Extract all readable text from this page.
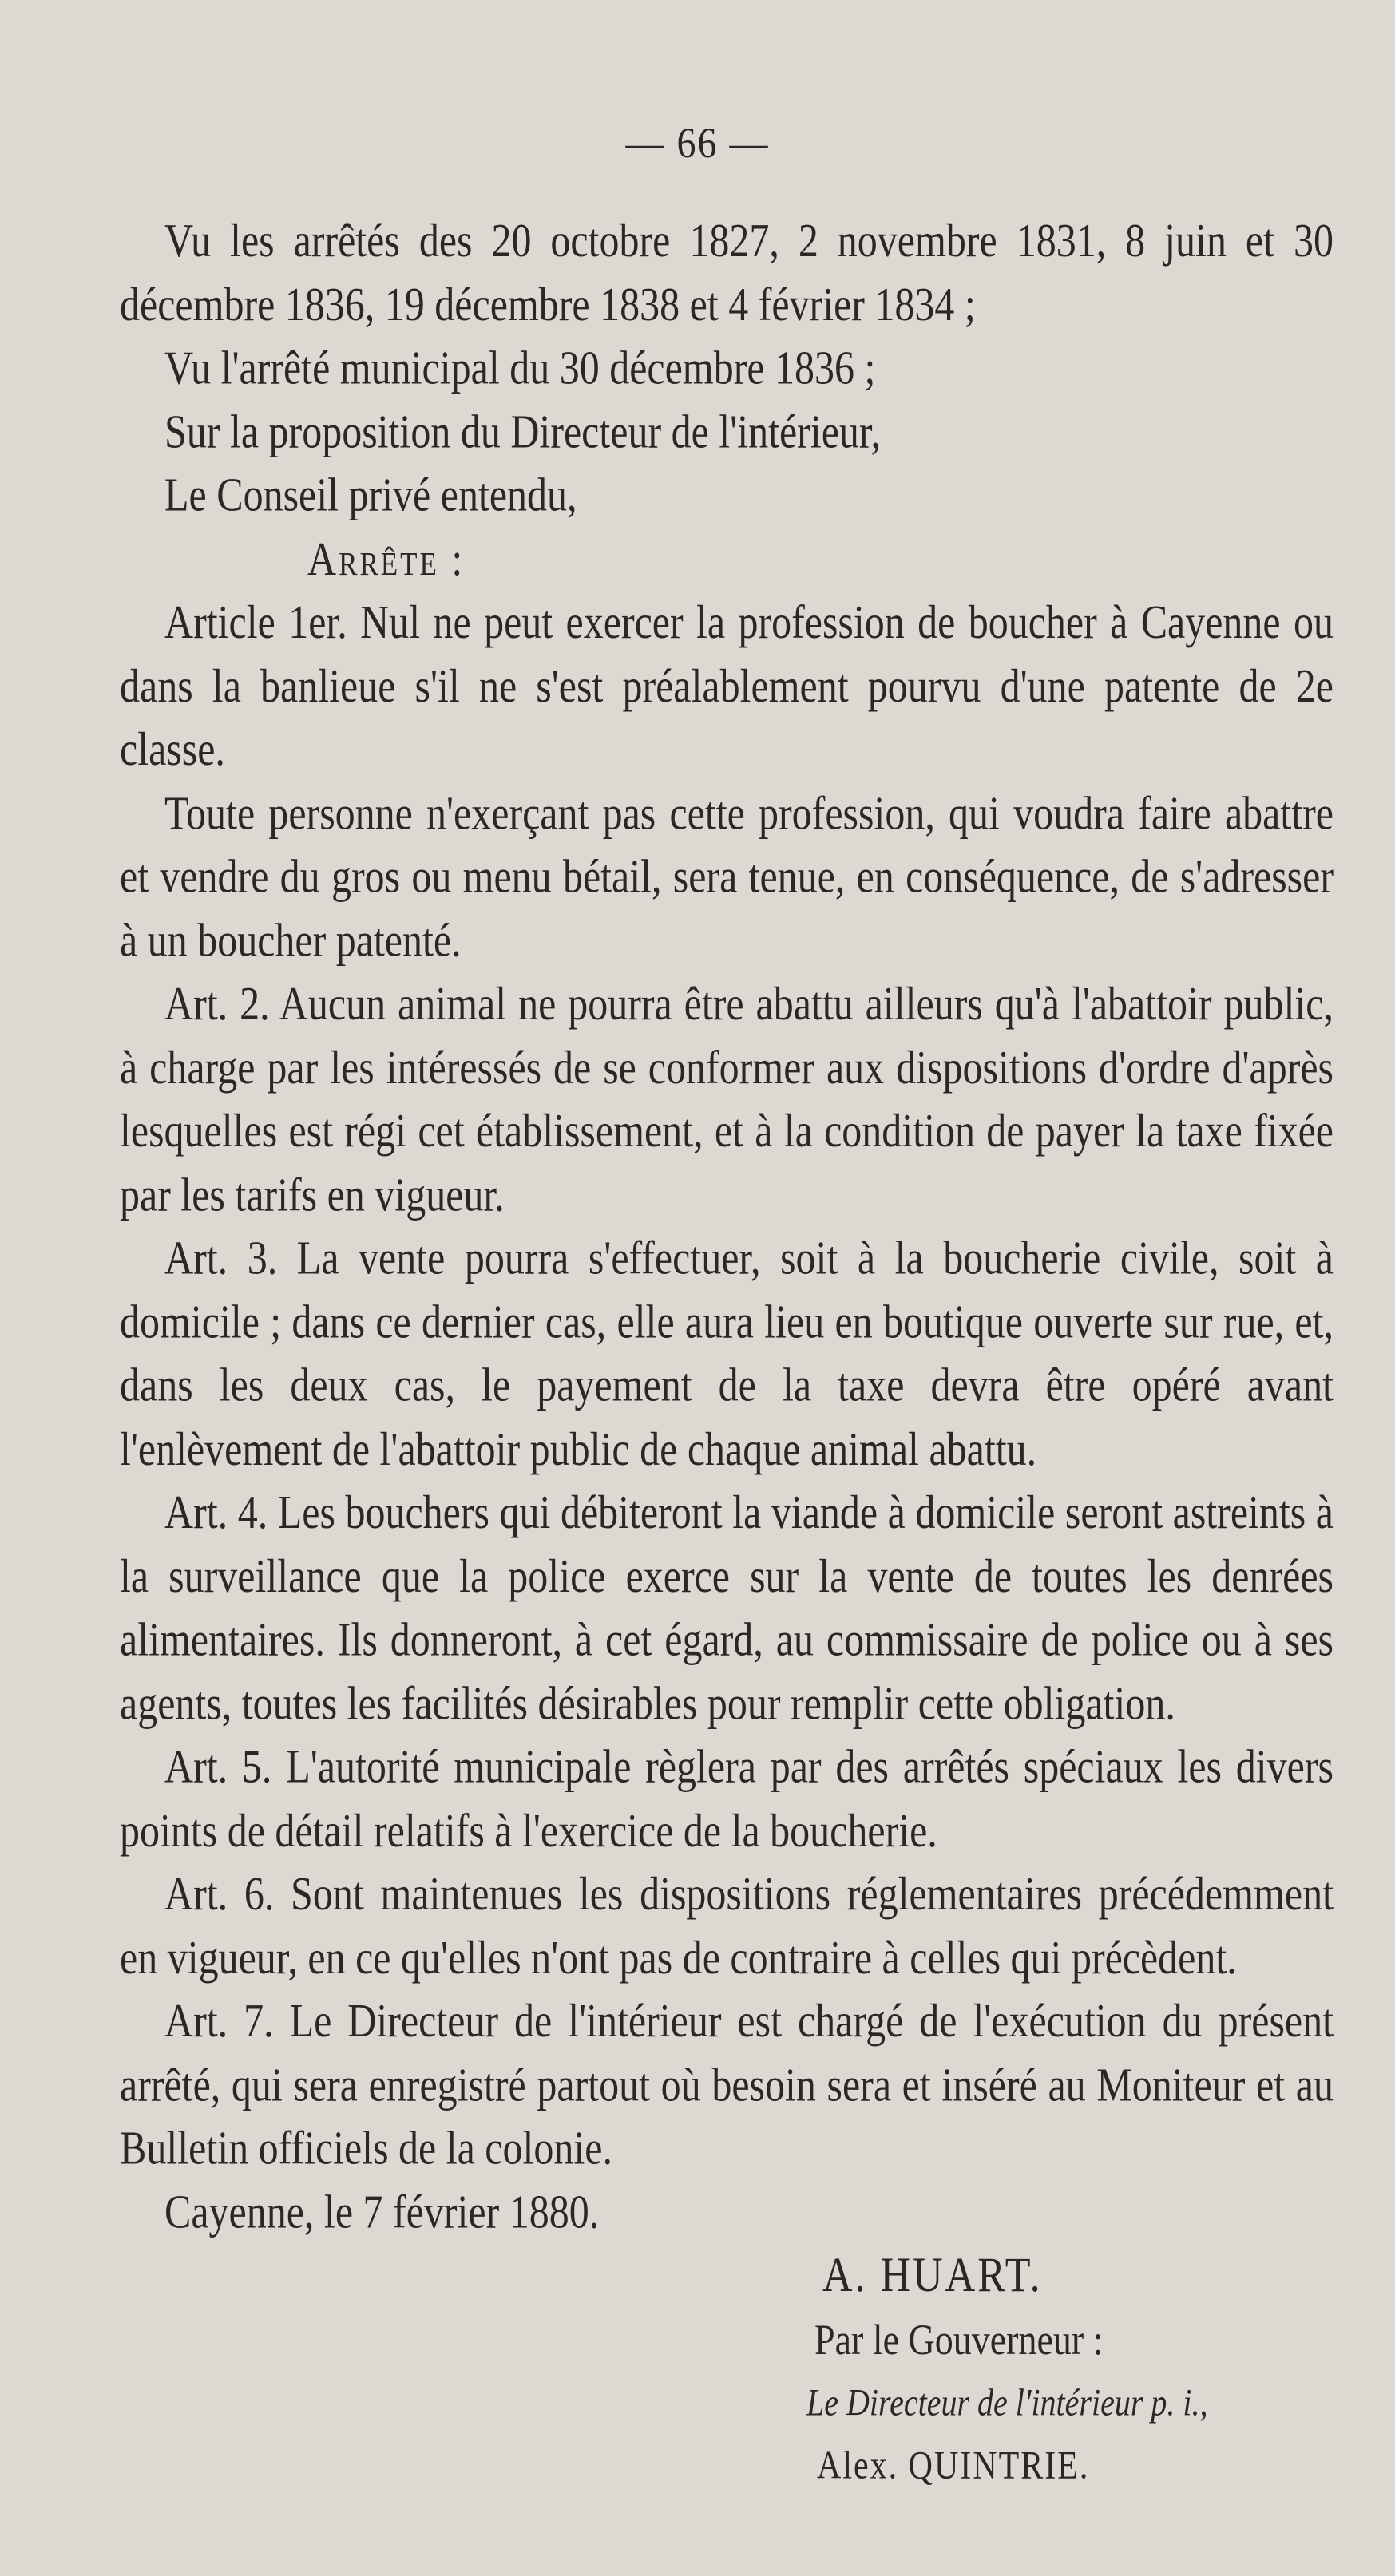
— 66 —

Vu les arrêtés des 20 octobre 1827, 2 novembre 1831, 8 juin et 30 décembre 1836, 19 décembre 1838 et 4 février 1834 ;

Vu l'arrêté municipal du 30 décembre 1836 ;

Sur la proposition du Directeur de l'intérieur,

Le Conseil privé entendu,

Arrête :

Article 1er. Nul ne peut exercer la profession de boucher à Cayenne ou dans la banlieue s'il ne s'est préalablement pourvu d'une patente de 2e classe.

Toute personne n'exerçant pas cette profession, qui voudra faire abattre et vendre du gros ou menu bétail, sera tenue, en conséquence, de s'adresser à un boucher patenté.

Art. 2. Aucun animal ne pourra être abattu ailleurs qu'à l'abattoir public, à charge par les intéressés de se conformer aux dispositions d'ordre d'après lesquelles est régi cet établissement, et à la condition de payer la taxe fixée par les tarifs en vigueur.

Art. 3. La vente pourra s'effectuer, soit à la boucherie civile, soit à domicile ; dans ce dernier cas, elle aura lieu en boutique ouverte sur rue, et, dans les deux cas, le payement de la taxe devra être opéré avant l'enlèvement de l'abattoir public de chaque animal abattu.

Art. 4. Les bouchers qui débiteront la viande à domicile seront astreints à la surveillance que la police exerce sur la vente de toutes les denrées alimentaires. Ils donneront, à cet égard, au commissaire de police ou à ses agents, toutes les facilités désirables pour remplir cette obligation.

Art. 5. L'autorité municipale règlera par des arrêtés spéciaux les divers points de détail relatifs à l'exercice de la boucherie.

Art. 6. Sont maintenues les dispositions réglementaires précédemment en vigueur, en ce qu'elles n'ont pas de contraire à celles qui précèdent.

Art. 7. Le Directeur de l'intérieur est chargé de l'exécution du présent arrêté, qui sera enregistré partout où besoin sera et inséré au Moniteur et au Bulletin officiels de la colonie.

Cayenne, le 7 février 1880.

A. HUART.

Par le Gouverneur :

Le Directeur de l'intérieur p. i.,

Alex. QUINTRIE.
